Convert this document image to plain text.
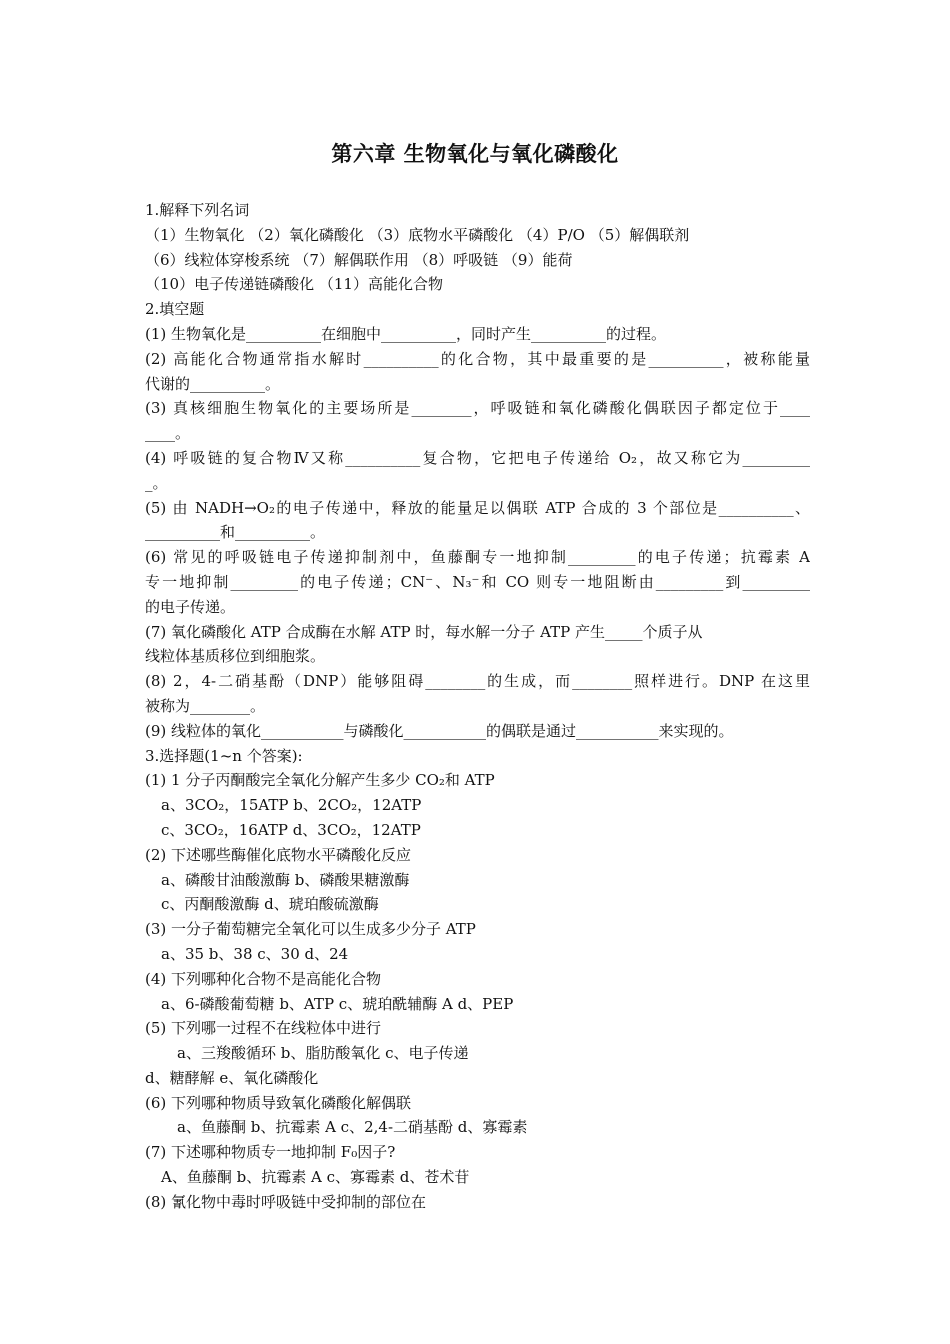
第六章 生物氧化与氧化磷酸化
1.解释下列名词
（1）生物氧化 （2）氧化磷酸化 （3）底物水平磷酸化 （4）P/O （5）解偶联剂
（6）线粒体穿梭系统 （7）解偶联作用 （8）呼吸链 （9）能荷
（10）电子传递链磷酸化 （11）高能化合物
2.填空题
(1) 生物氧化是__________在细胞中__________，同时产生__________的过程。
(2) 高能化合物通常指水解时__________的化合物，其中最重要的是__________，被称能量
代谢的__________。
(3) 真核细胞生物氧化的主要场所是________，呼吸链和氧化磷酸化偶联因子都定位于____
____。
(4) 呼吸链的复合物Ⅳ又称__________复合物，它把电子传递给 O₂，故又称它为_________
_。
(5) 由 NADH→O₂的电子传递中，释放的能量足以偶联 ATP 合成的 3 个部位是__________、
__________和__________。
(6) 常见的呼吸链电子传递抑制剂中，鱼藤酮专一地抑制_________的电子传递；抗霉素 A
专一地抑制_________的电子传递；CN⁻、N₃⁻和 CO 则专一地阻断由_________到_________
的电子传递。
(7) 氧化磷酸化 ATP 合成酶在水解 ATP 时，每水解一分子 ATP 产生_____个质子从
线粒体基质移位到细胞浆。
(8) 2，4-二硝基酚（DNP）能够阻碍________的生成，而________照样进行。DNP 在这里
被称为________。
(9) 线粒体的氧化___________与磷酸化___________的偶联是通过___________来实现的。
3.选择题(1~n 个答案):
(1) 1 分子丙酮酸完全氧化分解产生多少 CO₂和 ATP
a、3CO₂，15ATP b、2CO₂，12ATP
c、3CO₂，16ATP d、3CO₂，12ATP
(2) 下述哪些酶催化底物水平磷酸化反应
a、磷酸甘油酸激酶 b、磷酸果糖激酶
c、丙酮酸激酶 d、琥珀酸硫激酶
(3) 一分子葡萄糖完全氧化可以生成多少分子 ATP
a、35 b、38 c、30 d、24
(4) 下列哪种化合物不是高能化合物
a、6-磷酸葡萄糖 b、ATP c、琥珀酰辅酶 A d、PEP
(5) 下列哪一过程不在线粒体中进行
a、三羧酸循环 b、脂肪酸氧化 c、电子传递
d、糖酵解 e、氧化磷酸化
(6) 下列哪种物质导致氧化磷酸化解偶联
a、鱼藤酮 b、抗霉素 A c、2,4-二硝基酚 d、寡霉素
(7) 下述哪种物质专一地抑制 F₀因子?
A、鱼藤酮 b、抗霉素 A c、寡霉素 d、苍术苷
(8) 氰化物中毒时呼吸链中受抑制的部位在
